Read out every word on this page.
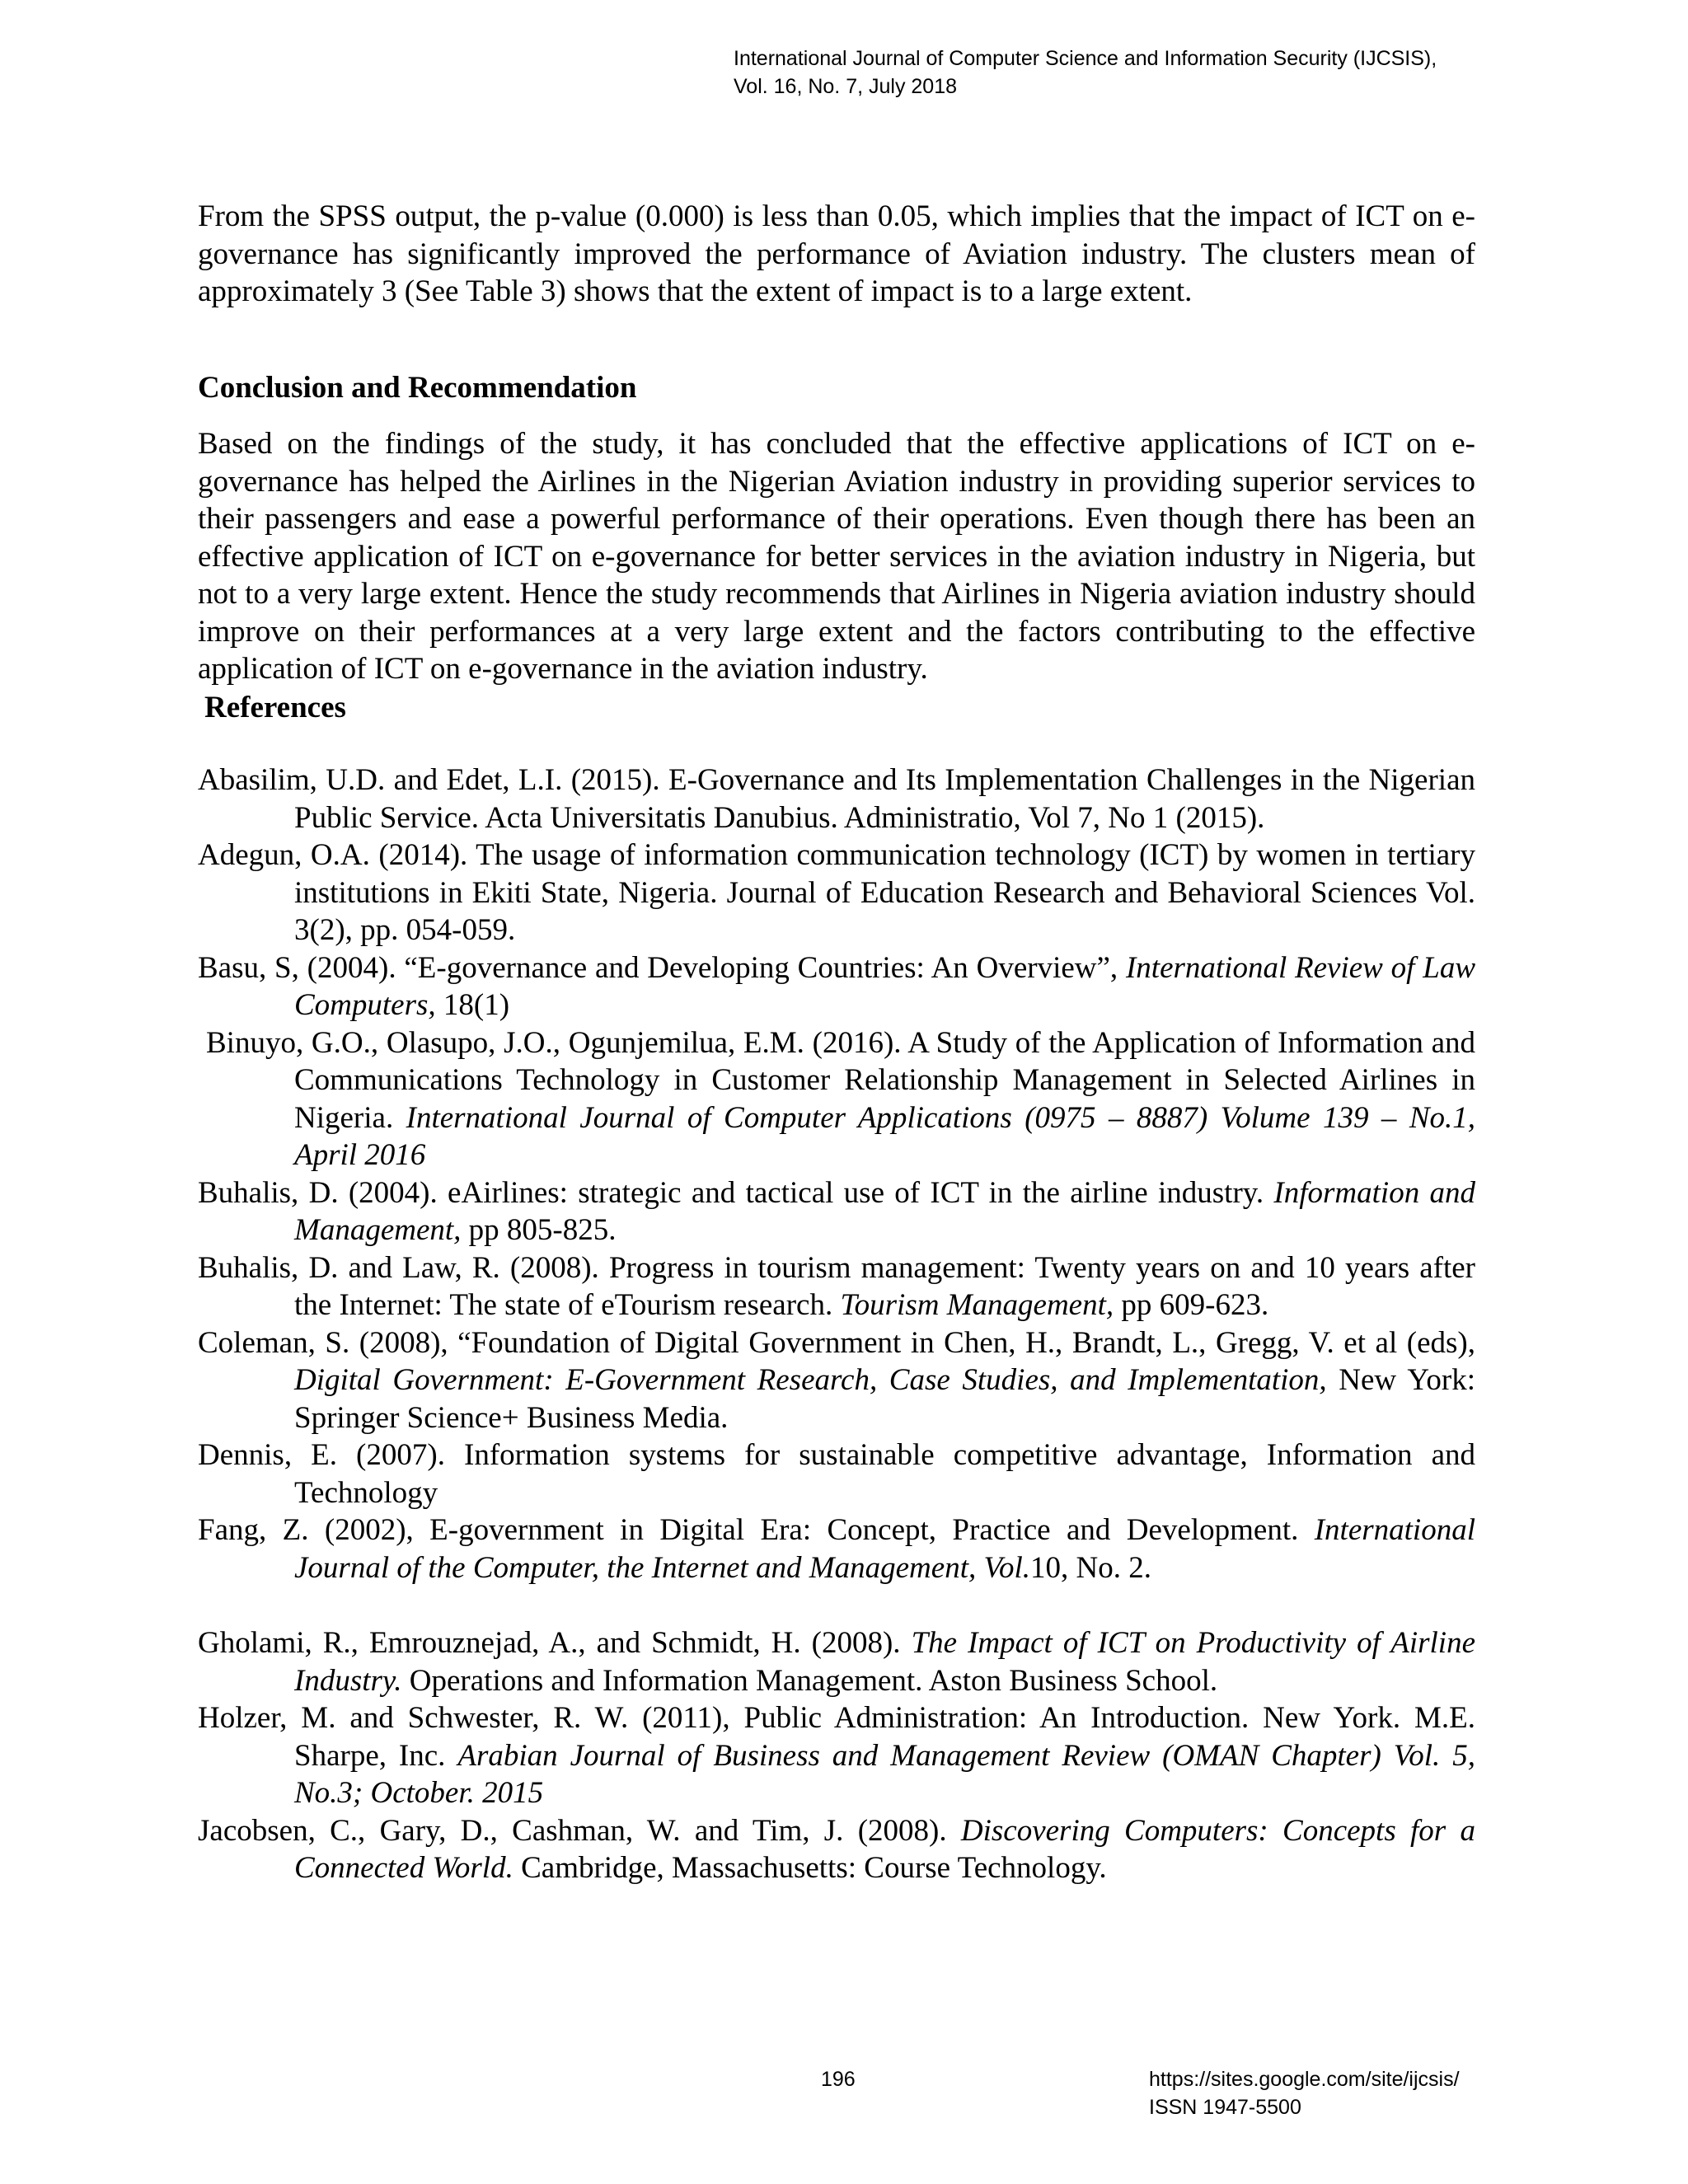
International Journal of Computer Science and Information Security (IJCSIS),
Vol. 16, No. 7, July 2018
From the SPSS output, the p-value (0.000) is less than 0.05, which implies that the impact of ICT on e-governance has significantly improved the performance of Aviation industry. The clusters mean of approximately 3 (See Table 3) shows that the extent of impact is to a large extent.
Conclusion and Recommendation
Based on the findings of the study, it has concluded that the effective applications of ICT on e-governance has helped the Airlines in the Nigerian Aviation industry in providing superior services to their passengers and ease a powerful performance of their operations. Even though there has been an effective application of ICT on e-governance for better services in the aviation industry in Nigeria, but not to a very large extent. Hence the study recommends that Airlines in Nigeria aviation industry should improve on their performances at a very large extent and the factors contributing to the effective application of ICT on e-governance in the aviation industry.
References

Abasilim, U.D. and Edet, L.I. (2015). E-Governance and Its Implementation Challenges in the Nigerian Public Service. Acta Universitatis Danubius. Administratio, Vol 7, No 1 (2015).

Adegun, O.A. (2014). The usage of information communication technology (ICT) by women in tertiary institutions in Ekiti State, Nigeria. Journal of Education Research and Behavioral Sciences Vol. 3(2), pp. 054-059.

Basu, S, (2004). “E-governance and Developing Countries: An Overview”, International Review of Law Computers, 18(1)

Binuyo, G.O., Olasupo, J.O., Ogunjemilua, E.M. (2016). A Study of the Application of Information and Communications Technology in Customer Relationship Management in Selected Airlines in Nigeria. International Journal of Computer Applications (0975 – 8887) Volume 139 – No.1, April 2016

Buhalis, D. (2004). eAirlines: strategic and tactical use of ICT in the airline industry. Information and Management, pp 805-825.

Buhalis, D. and Law, R. (2008). Progress in tourism management: Twenty years on and 10 years after the Internet: The state of eTourism research. Tourism Management, pp 609-623.

Coleman, S. (2008), “Foundation of Digital Government in Chen, H., Brandt, L., Gregg, V. et al (eds), Digital Government: E-Government Research, Case Studies, and Implementation, New York: Springer Science+ Business Media.

Dennis, E. (2007). Information systems for sustainable competitive advantage, Information and Technology

Fang, Z. (2002), E-government in Digital Era: Concept, Practice and Development. International Journal of the Computer, the Internet and Management, Vol.10, No. 2.

Gholami, R., Emrouznejad, A., and Schmidt, H. (2008). The Impact of ICT on Productivity of Airline Industry. Operations and Information Management. Aston Business School.

Holzer, M. and Schwester, R. W. (2011), Public Administration: An Introduction. New York. M.E. Sharpe, Inc. Arabian Journal of Business and Management Review (OMAN Chapter) Vol. 5, No.3; October. 2015

Jacobsen, C., Gary, D., Cashman, W. and Tim, J. (2008). Discovering Computers: Concepts for a Connected World. Cambridge, Massachusetts: Course Technology.

196	https://sites.google.com/site/ijcsis/
ISSN 1947-5500
